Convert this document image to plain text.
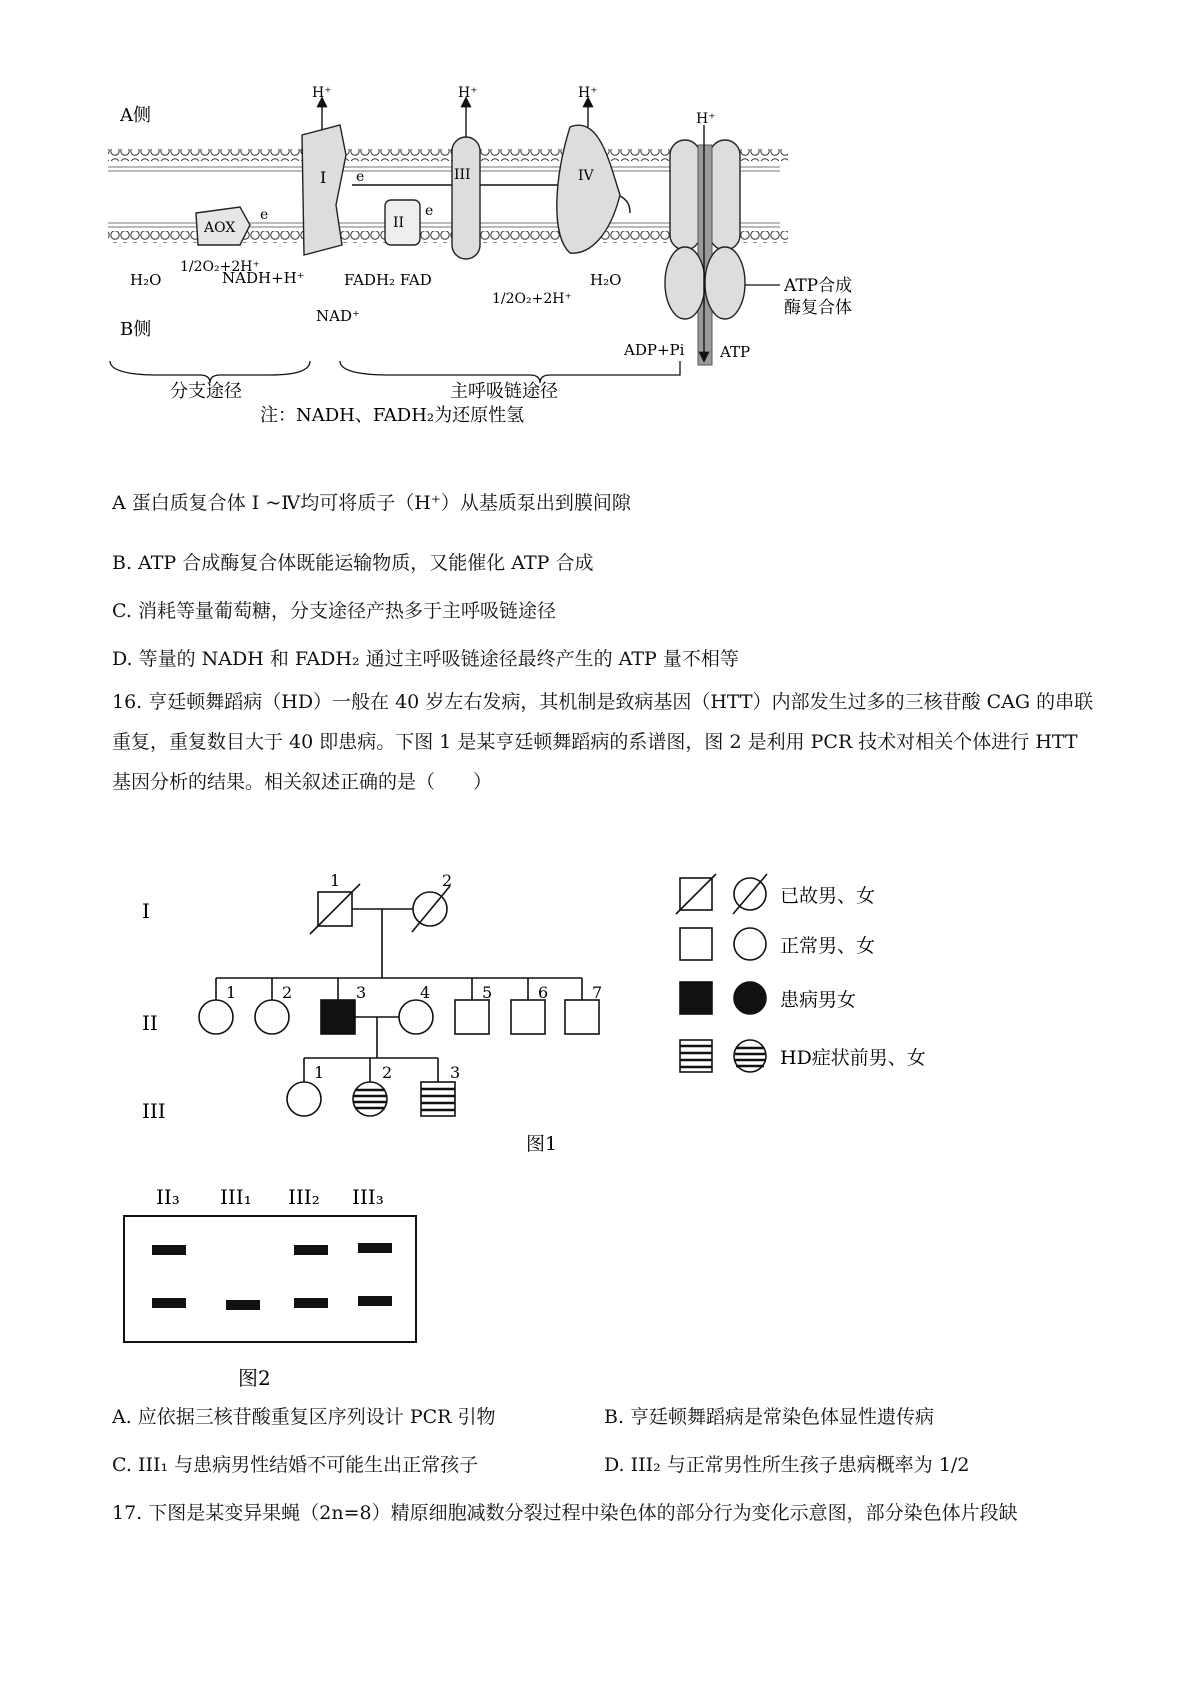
A侧
B侧
I
H⁺
e
II
e
III
H⁺
IV
H⁺
AOX
e
H⁺
1/2O₂+2H⁺
H₂O	NADH+H⁺
NAD⁺
FADH₂ FAD
1/2O₂+2H⁺
H₂O	ATP合成
酶复合体
ADP+Pi ATP
分支途径	主呼吸链途径
注：NADH、FADH₂为还原性氢
A 蛋白质复合体 I ~Ⅳ均可将质子（H⁺）从基质泵出到膜间隙
B. ATP 合成酶复合体既能运输物质，又能催化 ATP 合成
C. 消耗等量葡萄糖，分支途径产热多于主呼吸链途径
D. 等量的 NADH 和 FADH₂ 通过主呼吸链途径最终产生的 ATP 量不相等
16. 亨廷顿舞蹈病（HD）一般在 40 岁左右发病，其机制是致病基因（HTT）内部发生过多的三核苷酸 CAG 的串联重复，重复数目大于 40 即患病。下图 1 是某亨廷顿舞蹈病的系谱图，图 2 是利用 PCR 技术对相关个体进行 HTT 基因分析的结果。相关叙述正确的是（　　）
I
II
III
1	2
1	2	3	4	5	6	7
1	2	3
图1
已故男、女
正常男、女
患病男女
HD症状前男、女
II₃ III₁ III₂ III₃
图2
A. 应依据三核苷酸重复区序列设计 PCR 引物	B. 亨廷顿舞蹈病是常染色体显性遗传病
C. III₁ 与患病男性结婚不可能生出正常孩子	D. III₂ 与正常男性所生孩子患病概率为 1/2
17. 下图是某变异果蝇（2n=8）精原细胞减数分裂过程中染色体的部分行为变化示意图，部分染色体片段缺
